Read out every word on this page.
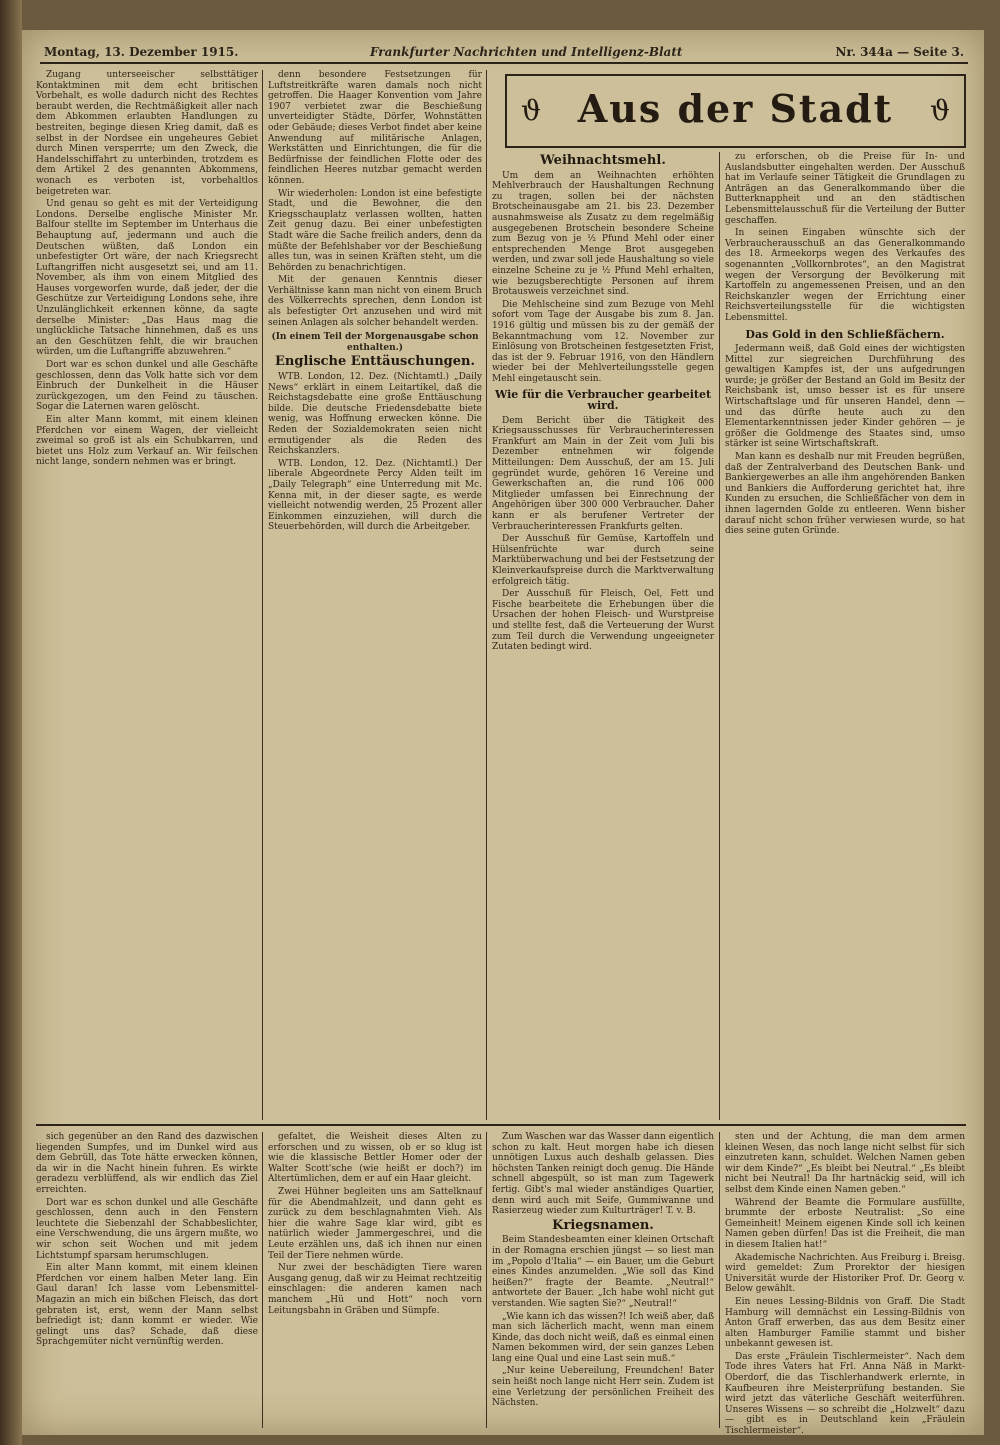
Montag, 13. Dezember 1915.	Frankfurter Nachrichten und Intelligenz-Blatt	Nr. 344a — Seite 3.

Zugang unterseeischer selbsttätiger Kontaktminen mit dem echt britischen Vorbehalt, es wolle dadurch nicht des Rechtes beraubt werden, die Rechtmäßigkeit aller nach dem Abkommen erlaubten Handlungen zu bestreiten, beginge diesen Krieg damit, daß es selbst in der Nordsee ein ungeheures Gebiet durch Minen versperrte; um den Zweck, die Handelsschiffahrt zu unterbinden, trotzdem es dem Artikel 2 des genannten Abkommens, wonach es verboten ist, vorbehaltlos beigetreten war.

Und genau so geht es mit der Verteidigung Londons. Derselbe englische Minister Mr. Balfour stellte im September im Unterhaus die Behauptung auf, jedermann und auch die Deutschen wüßten, daß London ein unbefestigter Ort wäre, der nach Kriegsrecht Luftangriffen nicht ausgesetzt sei, und am 11. November, als ihm von einem Mitglied des Hauses vorgeworfen wurde, daß jeder, der die Geschütze zur Verteidigung Londons sehe, ihre Unzulänglichkeit erkennen könne, da sagte derselbe Minister: „Das Haus mag die unglückliche Tatsache hinnehmen, daß es uns an den Geschützen fehlt, die wir brauchen würden, um die Luftangriffe abzuwehren.“

Dort war es schon dunkel und alle Geschäfte geschlossen, denn das Volk hatte sich vor dem Einbruch der Dunkelheit in die Häuser zurückgezogen, um den Feind zu täuschen. Sogar die Laternen waren gelöscht.

Ein alter Mann kommt, mit einem kleinen Pferdchen vor einem Wagen, der vielleicht zweimal so groß ist als ein Schubkarren, und bietet uns Holz zum Verkauf an. Wir feilschen nicht lange, sondern nehmen was er bringt.

denn besondere Festsetzungen für Luftstreitkräfte waren damals noch nicht getroffen. Die Haager Konvention vom Jahre 1907 verbietet zwar die Beschießung unverteidigter Städte, Dörfer, Wohnstätten oder Gebäude; dieses Verbot findet aber keine Anwendung auf militärische Anlagen, Werkstätten und Einrichtungen, die für die Bedürfnisse der feindlichen Flotte oder des feindlichen Heeres nutzbar gemacht werden können.

Wir wiederholen: London ist eine befestigte Stadt, und die Bewohner, die den Kriegsschauplatz verlassen wollten, hatten Zeit genug dazu. Bei einer unbefestigten Stadt wäre die Sache freilich anders, denn da müßte der Befehlshaber vor der Beschießung alles tun, was in seinen Kräften steht, um die Behörden zu benachrichtigen.

Mit der genauen Kenntnis dieser Verhältnisse kann man nicht von einem Bruch des Völkerrechts sprechen, denn London ist als befestigter Ort anzusehen und wird mit seinen Anlagen als solcher behandelt werden.

(In einem Teil der Morgenausgabe schon enthalten.)
Englische Enttäuschungen.

WTB. London, 12. Dez. (Nichtamtl.) „Daily News“ erklärt in einem Leitartikel, daß die Reichstagsdebatte eine große Enttäuschung bilde. Die deutsche Friedensdebatte biete wenig, was Hoffnung erwecken könne. Die Reden der Sozialdemokraten seien nicht ermutigender als die Reden des Reichskanzlers.

WTB. London, 12. Dez. (Nichtamtl.) Der liberale Abgeordnete Percy Alden teilt im „Daily Telegraph“ eine Unterredung mit Mc. Kenna mit, in der dieser sagte, es werde vielleicht notwendig werden, 25 Prozent aller Einkommen einzuziehen, will durch die Steuerbehörden, will durch die Arbeitgeber.

ϑ Aus der Stadt	ϑ
Weihnachtsmehl.

Um dem an Weihnachten erhöhten Mehlverbrauch der Haushaltungen Rechnung zu tragen, sollen bei der nächsten Brotscheinausgabe am 21. bis 23. Dezember ausnahmsweise als Zusatz zu dem regelmäßig ausgegebenen Brotschein besondere Scheine zum Bezug von je ½ Pfund Mehl oder einer entsprechenden Menge Brot ausgegeben werden, und zwar soll jede Haushaltung so viele einzelne Scheine zu je ½ Pfund Mehl erhalten, wie bezugsberechtigte Personen auf ihrem Brotausweis verzeichnet sind.

Die Mehlscheine sind zum Bezuge von Mehl sofort vom Tage der Ausgabe bis zum 8. Jan. 1916 gültig und müssen bis zu der gemäß der Bekanntmachung vom 12. November zur Einlösung von Brotscheinen festgesetzten Frist, das ist der 9. Februar 1916, von den Händlern wieder bei der Mehlverteilungsstelle gegen Mehl eingetauscht sein.

Wie für die Verbraucher gearbeitet wird.

Dem Bericht über die Tätigkeit des Kriegsausschusses für Verbraucherinteressen Frankfurt am Main in der Zeit vom Juli bis Dezember entnehmen wir folgende Mitteilungen: Dem Ausschuß, der am 15. Juli gegründet wurde, gehören 16 Vereine und Gewerkschaften an, die rund 106 000 Mitglieder umfassen bei Einrechnung der Angehörigen über 300 000 Verbraucher. Daher kann er als berufener Vertreter der Verbraucherinteressen Frankfurts gelten.

Der Ausschuß für Gemüse, Kartoffeln und Hülsenfrüchte war durch seine Marktüberwachung und bei der Festsetzung der Kleinverkaufspreise durch die Marktverwaltung erfolgreich tätig.

Der Ausschuß für Fleisch, Oel, Fett und Fische bearbeitete die Erhebungen über die Ursachen der hohen Fleisch- und Wurstpreise und stellte fest, daß die Verteuerung der Wurst zum Teil durch die Verwendung ungeeigneter Zutaten bedingt wird.

zu erforschen, ob die Preise für In- und Auslandsbutter eingehalten werden. Der Ausschuß hat im Verlaufe seiner Tätigkeit die Grundlagen zu Anträgen an das Generalkommando über die Butterknappheit und an den städtischen Lebensmittelausschuß für die Verteilung der Butter geschaffen.

In seinen Eingaben wünschte sich der Verbraucherausschuß an das Generalkommando des 18. Armeekorps wegen des Verkaufes des sogenannten „Vollkornbrotes“, an den Magistrat wegen der Versorgung der Bevölkerung mit Kartoffeln zu angemessenen Preisen, und an den Reichskanzler wegen der Errichtung einer Reichsverteilungsstelle für die wichtigsten Lebensmittel.

Das Gold in den Schließfächern.

Jedermann weiß, daß Gold eines der wichtigsten Mittel zur siegreichen Durchführung des gewaltigen Kampfes ist, der uns aufgedrungen wurde; je größer der Bestand an Gold im Besitz der Reichsbank ist, umso besser ist es für unsere Wirtschaftslage und für unseren Handel, denn — und das dürfte heute auch zu den Elementarkenntnissen jeder Kinder gehören — je größer die Goldmenge des Staates sind, umso stärker ist seine Wirtschaftskraft.

Man kann es deshalb nur mit Freuden begrüßen, daß der Zentralverband des Deutschen Bank- und Bankiergewerbes an alle ihm angehörenden Banken und Bankiers die Aufforderung gerichtet hat, ihre Kunden zu ersuchen, die Schließfächer von dem in ihnen lagernden Golde zu entleeren. Wenn bisher darauf nicht schon früher verwiesen wurde, so hat dies seine guten Gründe.

sich gegenüber an den Rand des dazwischen liegenden Sumpfes, und im Dunkel wird aus dem Gebrüll, das Tote hätte erwecken können, da wir in die Nacht hinein fuhren. Es wirkte geradezu verblüffend, als wir endlich das Ziel erreichten.

Dort war es schon dunkel und alle Geschäfte geschlossen, denn auch in den Fenstern leuchtete die Siebenzahl der Schabbeslichter, eine Verschwendung, die uns ärgern mußte, wo wir schon seit Wochen und mit jedem Lichtstumpf sparsam herumschlugen.

Ein alter Mann kommt, mit einem kleinen Pferdchen vor einem halben Meter lang. Ein Gaul daran! Ich lasse vom Lebensmittel-Magazin an mich ein bißchen Fleisch, das dort gebraten ist, erst, wenn der Mann selbst befriedigt ist; dann kommt er wieder. Wie gelingt uns das? Schade, daß diese Sprachgemüter nicht vernünftig werden.

gefaltet, die Weisheit dieses Alten zu erforschen und zu wissen, ob er so klug ist wie die klassische Bettler Homer oder der Walter Scott'sche (wie heißt er doch?) im Altertümlichen, dem er auf ein Haar gleicht.

Zwei Hühner begleiten uns am Sattelknauf für die Abendmahlzeit, und dann geht es zurück zu dem beschlagnahmten Vieh. Als hier die wahre Sage klar wird, gibt es natürlich wieder Jammergeschrei, und die Leute erzählen uns, daß ich ihnen nur einen Teil der Tiere nehmen würde.

Nur zwei der beschädigten Tiere waren Ausgang genug, daß wir zu Heimat rechtzeitig einschlagen: die anderen kamen nach manchem „Hü und Hott“ noch vorn Leitungsbahn in Gräben und Sümpfe.

Zum Waschen war das Wasser dann eigentlich schon zu kalt. Heut morgen habe ich diesen unnötigen Luxus auch deshalb gelassen. Dies höchsten Tanken reinigt doch genug. Die Hände schnell abgespült, so ist man zum Tagewerk fertig. Gibt's mal wieder anständiges Quartier, denn wird auch mit Seife, Gummiwanne und Rasierzeug wieder zum Kulturträger! T. v. B.

Kriegsnamen.

Beim Standesbeamten einer kleinen Ortschaft in der Romagna erschien jüngst — so liest man im „Popolo d'Italia“ — ein Bauer, um die Geburt eines Kindes anzumelden. „Wie soll das Kind heißen?“ fragte der Beamte. „Neutral!“ antwortete der Bauer. „Ich habe wohl nicht gut verstanden. Wie sagten Sie?“ „Neutral!“

„Wie kann ich das wissen?! Ich weiß aber, daß man sich lächerlich macht, wenn man einem Kinde, das doch nicht weiß, daß es einmal einen Namen bekommen wird, der sein ganzes Leben lang eine Qual und eine Last sein muß.“

„Nur keine Uebereilung, Freundchen! Bater sein heißt noch lange nicht Herr sein. Zudem ist eine Verletzung der persönlichen Freiheit des Nächsten.

sten und der Achtung, die man dem armen kleinen Wesen, das noch lange nicht selbst für sich einzutreten kann, schuldet. Welchen Namen geben wir dem Kinde?“ „Es bleibt bei Neutral.“ „Es bleibt nicht bei Neutral! Da Ihr hartnäckig seid, will ich selbst dem Kinde einen Namen geben.“

Während der Beamte die Formulare ausfüllte, brummte der erboste Neutralist: „So eine Gemeinheit! Meinem eigenen Kinde soll ich keinen Namen geben dürfen! Das ist die Freiheit, die man in diesem Italien hat!“

Akademische Nachrichten. Aus Freiburg i. Breisg. wird gemeldet: Zum Prorektor der hiesigen Universität wurde der Historiker Prof. Dr. Georg v. Below gewählt.

Ein neues Lessing-Bildnis von Graff. Die Stadt Hamburg will demnächst ein Lessing-Bildnis von Anton Graff erwerben, das aus dem Besitz einer alten Hamburger Familie stammt und bisher unbekannt gewesen ist.

Das erste „Fräulein Tischlermeister“. Nach dem Tode ihres Vaters hat Frl. Anna Näß in Markt-Oberdorf, die das Tischlerhandwerk erlernte, in Kaufbeuren ihre Meisterprüfung bestanden. Sie wird jetzt das väterliche Geschäft weiterführen. Unseres Wissens — so schreibt die „Holzwelt“ dazu — gibt es in Deutschland kein „Fräulein Tischlermeister“.
